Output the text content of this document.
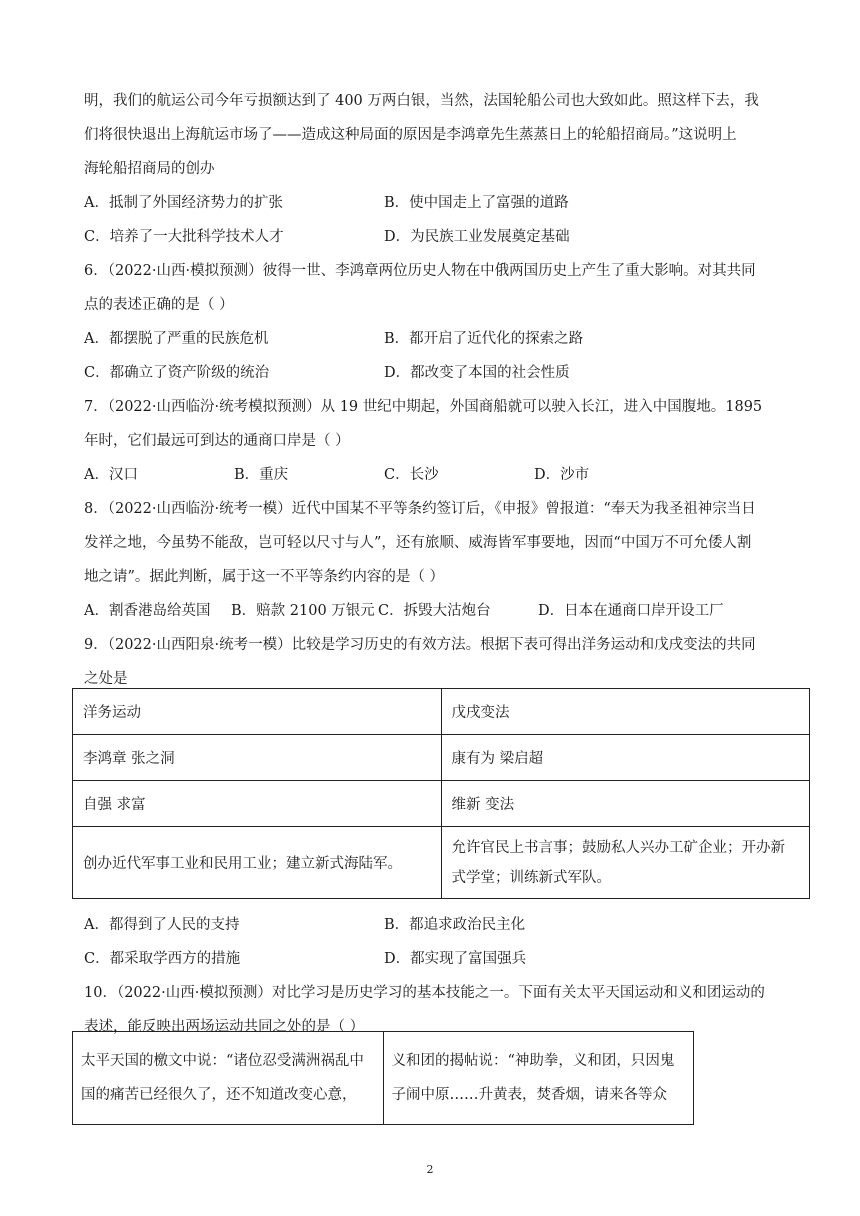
明，我们的航运公司今年亏损额达到了 400 万两白银，当然，法国轮船公司也大致如此。照这样下去，我
们将很快退出上海航运市场了——造成这种局面的原因是李鸿章先生蒸蒸日上的轮船招商局。”这说明上
海轮船招商局的创办
A．抵制了外国经济势力的扩张	B．使中国走上了富强的道路
C．培养了一大批科学技术人才	D．为民族工业发展奠定基础
6．（2022·山西·模拟预测）彼得一世、李鸿章两位历史人物在中俄两国历史上产生了重大影响。对其共同
点的表述正确的是（ ）
A．都摆脱了严重的民族危机	B．都开启了近代化的探索之路
C．都确立了资产阶级的统治	D．都改变了本国的社会性质
7．（2022·山西临汾·统考模拟预测）从 19 世纪中期起，外国商船就可以驶入长江，进入中国腹地。1895
年时，它们最远可到达的通商口岸是（ ）
A．汉口	B．重庆	C．长沙	D．沙市
8．（2022·山西临汾·统考一模）近代中国某不平等条约签订后，《申报》曾报道：“奉天为我圣祖神宗当日
发祥之地，今虽势不能敌，岂可轻以尺寸与人”，还有旅顺、威海皆军事要地，因而“中国万不可允倭人割
地之请”。据此判断，属于这一不平等条约内容的是（ ）
A．割香港岛给英国	B．赔款 2100 万银元 C．拆毁大沽炮台	D．日本在通商口岸开设工厂
9．（2022·山西阳泉·统考一模）比较是学习历史的有效方法。根据下表可得出洋务运动和戊戌变法的共同
之处是
洋务运动	戊戌变法
李鸿章 张之洞	康有为 梁启超
自强 求富	维新 变法
创办近代军事工业和民用工业；建立新式海陆军。	允许官民上书言事；鼓励私人兴办工矿企业；开办新式学堂；训练新式军队。
A．都得到了人民的支持	B．都追求政治民主化
C．都采取学西方的措施	D．都实现了富国强兵
10．（2022·山西·模拟预测）对比学习是历史学习的基本技能之一。下面有关太平天国运动和义和团运动的
表述，能反映出两场运动共同之处的是（ ）
太平天国的檄文中说：“诸位忍受满洲祸乱中国的痛苦已经很久了，还不知道改变心意，	义和团的揭帖说：“神助拳，义和团，只因鬼子闹中原……升黄表，焚香烟，请来各等众
2
